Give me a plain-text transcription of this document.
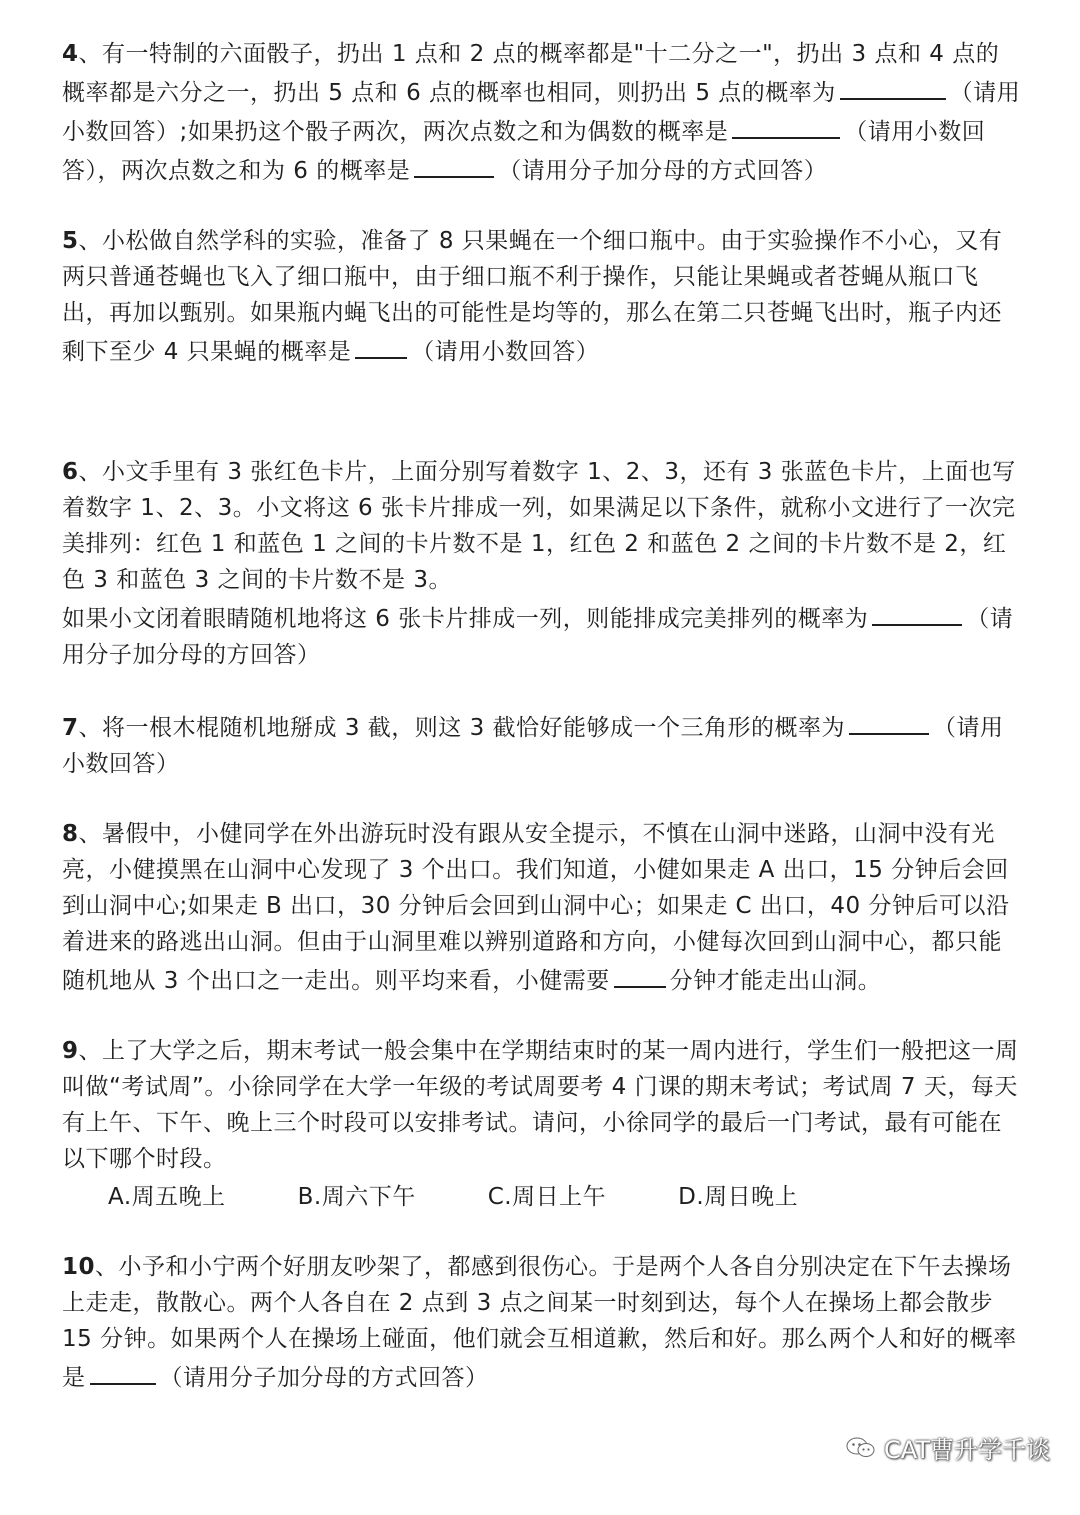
4、有一特制的六面骰子，扔出 1 点和 2 点的概率都是"十二分之一"，扔出 3 点和 4 点的概率都是六分之一，扔出 5 点和 6 点的概率也相同，则扔出 5 点的概率为	（请用小数回答）;如果扔这个骰子两次，两次点数之和为偶数的概率是	（请用小数回答），两次点数之和为 6 的概率是	（请用分子加分母的方式回答）
5、小松做自然学科的实验，准备了 8 只果蝇在一个细口瓶中。由于实验操作不小心，又有两只普通苍蝇也飞入了细口瓶中，由于细口瓶不利于操作，只能让果蝇或者苍蝇从瓶口飞出，再加以甄别。如果瓶内蝇飞出的可能性是均等的，那么在第二只苍蝇飞出时，瓶子内还剩下至少 4 只果蝇的概率是	（请用小数回答）

6、小文手里有 3 张红色卡片，上面分别写着数字 1、2、3，还有 3 张蓝色卡片，上面也写着数字 1、2、3。小文将这 6 张卡片排成一列，如果满足以下条件，就称小文进行了一次完美排列：红色 1 和蓝色 1 之间的卡片数不是 1，红色 2 和蓝色 2 之间的卡片数不是 2，红色 3 和蓝色 3 之间的卡片数不是 3。

如果小文闭着眼睛随机地将这 6 张卡片排成一列，则能排成完美排列的概率为	（请用分子加分母的方回答）

7、将一根木棍随机地掰成 3 截，则这 3 截恰好能够成一个三角形的概率为	（请用小数回答）
8、暑假中，小健同学在外出游玩时没有跟从安全提示，不慎在山洞中迷路，山洞中没有光亮，小健摸黑在山洞中心发现了 3 个出口。我们知道，小健如果走 A 出口，15 分钟后会回到山洞中心;如果走 B 出口，30 分钟后会回到山洞中心；如果走 C 出口，40 分钟后可以沿着进来的路逃出山洞。但由于山洞里难以辨别道路和方向，小健每次回到山洞中心，都只能随机地从 3 个出口之一走出。则平均来看，小健需要	分钟才能走出山洞。

9、上了大学之后，期末考试一般会集中在学期结束时的某一周内进行，学生们一般把这一周叫做“考试周”。小徐同学在大学一年级的考试周要考 4 门课的期末考试；考试周 7 天，每天有上午、下午、晚上三个时段可以安排考试。请问，小徐同学的最后一门考试，最有可能在以下哪个时段。

A.周五晚上	B.周六下午	C.周日上午	D.周日晚上
10、小予和小宁两个好朋友吵架了，都感到很伤心。于是两个人各自分别决定在下午去操场上走走，散散心。两个人各自在 2 点到 3 点之间某一时刻到达，每个人在操场上都会散步 15 分钟。如果两个人在操场上碰面，他们就会互相道歉，然后和好。那么两个人和好的概率是	（请用分子加分母的方式回答）
CAT曹升学千谈
